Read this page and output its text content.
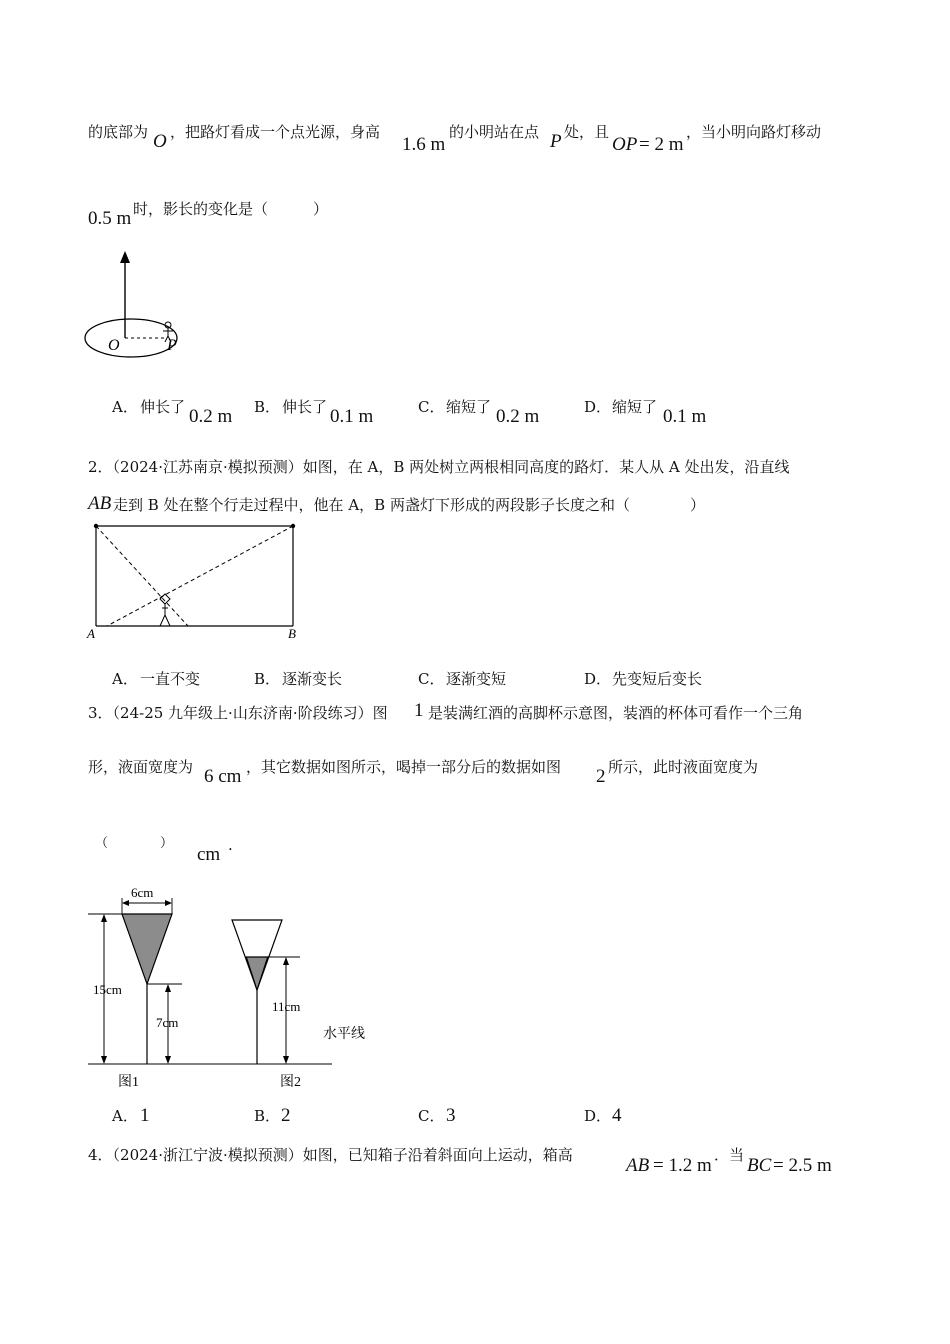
的底部为 O ，把路灯看成一个点光源，身高
1.6 m
的小明站在点 P 处，且
OP = 2 m
，当小明向路灯移动
0.5 m 时，影长的变化是（　　　）
O	P
A． 伸长了 0.2 m B． 伸长了 0.1 m	C． 缩短了 0.2 m	D． 缩短了 0.1 m
2．（2024·江苏南京·模拟预测）如图，在 A，B 两处树立两根相同高度的路灯．某人从 A 处出发，沿直线
AB 走到 B 处在整个行走过程中，他在 A，B 两盏灯下形成的两段影子长度之和（　　　　）
A	B
A． 一直不变	B． 逐渐变长	C． 逐渐变短	D． 先变短后变长
3．（24-25 九年级上·山东济南·阶段练习）图 1 是装满红酒的高脚杯示意图，装酒的杯体可看作一个三角
形，液面宽度为 6 cm ，其它数据如图所示，喝掉一部分后的数据如图 2 所示，此时液面宽度为
（　　　　）
cm .
15cm
6cm
7cm
图1
11cm
水平线
图2
A． 1	B． 2	C． 3	D． 4
4．（2024·浙江宁波·模拟预测）如图，已知箱子沿着斜面向上运动，箱高	AB = 1.2 m ．当 BC = 2.5 m
